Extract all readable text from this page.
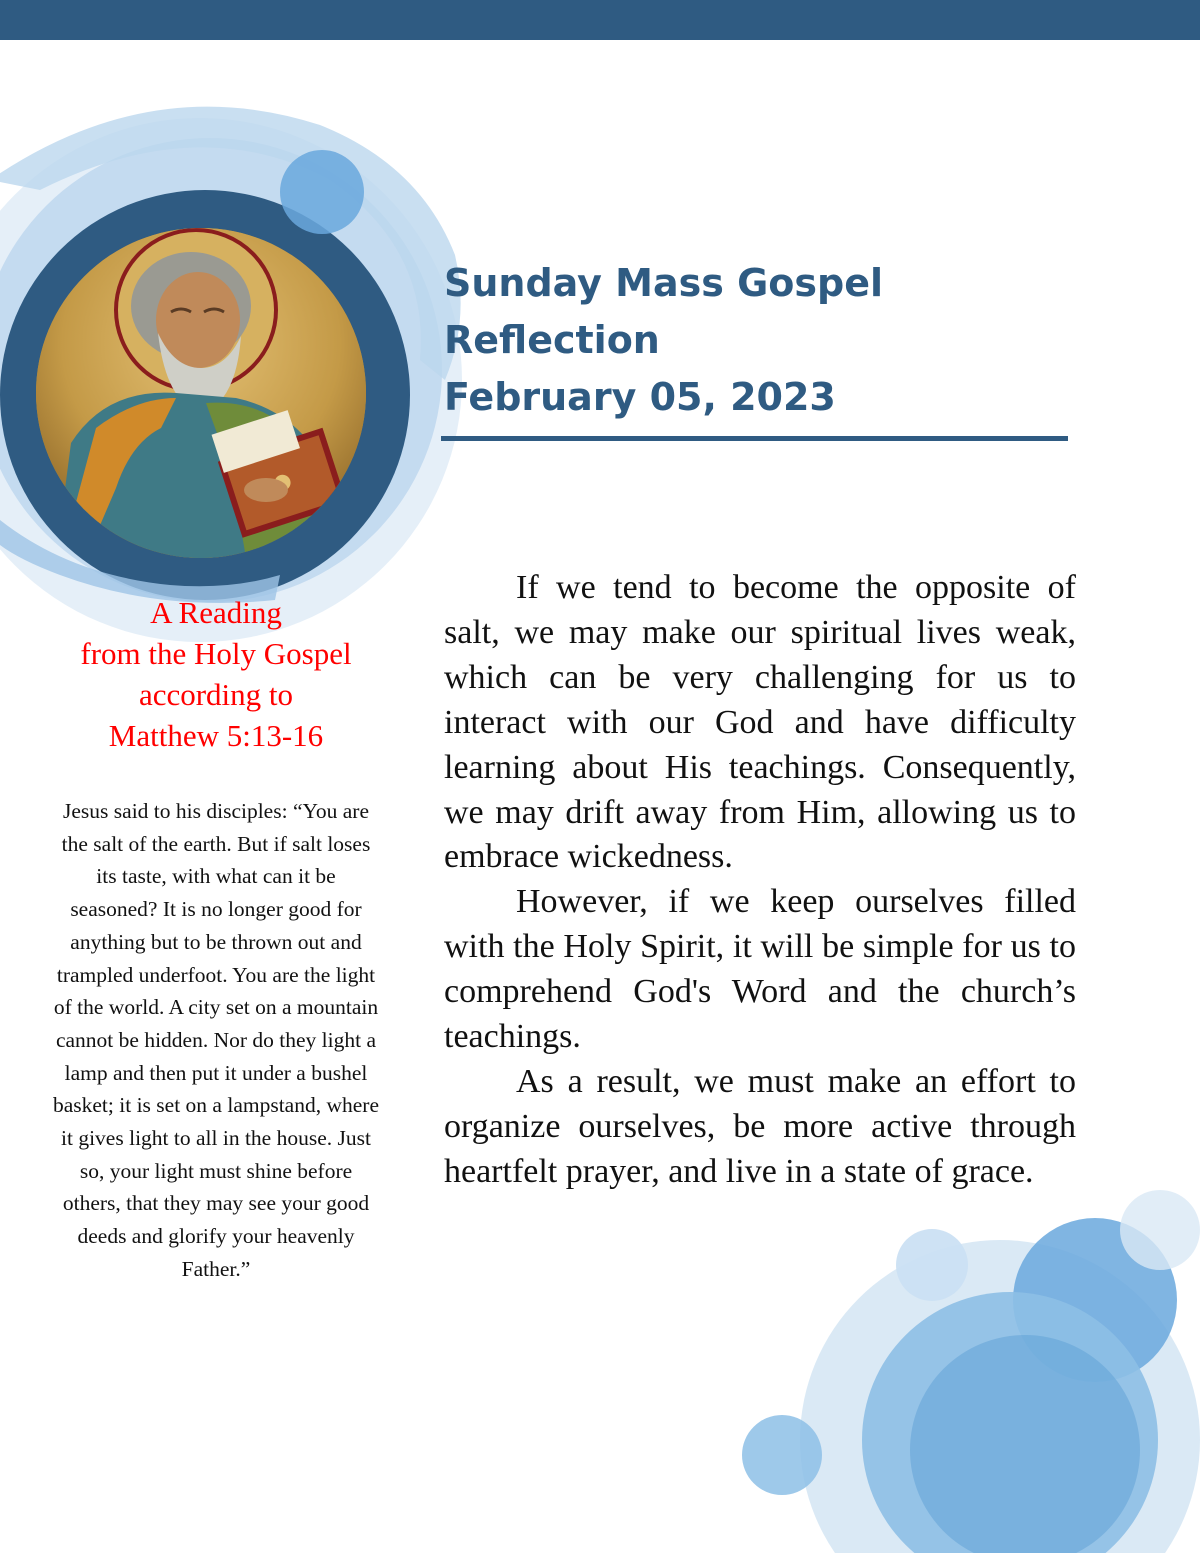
Sunday Mass Gospel
Reflection
February 05, 2023
A Reading
from the Holy Gospel
according to
Matthew 5:13-16
Jesus said to his disciples: “You are the salt of the earth. But if salt loses its taste, with what can it be seasoned? It is no longer good for anything but to be thrown out and trampled underfoot. You are the light of the world. A city set on a mountain cannot be hidden. Nor do they light a lamp and then put it under a bushel basket; it is set on a lampstand, where it gives light to all in the house. Just so, your light must shine before others, that they may see your good deeds and glorify your heavenly Father.”

If we tend to become the opposite of salt, we may make our spiritual lives weak, which can be very challenging for us to interact with our God and have difficulty learning about His teachings. Consequently, we may drift away from Him, allowing us to embrace wickedness.

However, if we keep ourselves filled with the Holy Spirit, it will be simple for us to comprehend God's Word and the church’s teachings.

As a result, we must make an effort to organize ourselves, be more active through heartfelt prayer, and live in a state of grace.
